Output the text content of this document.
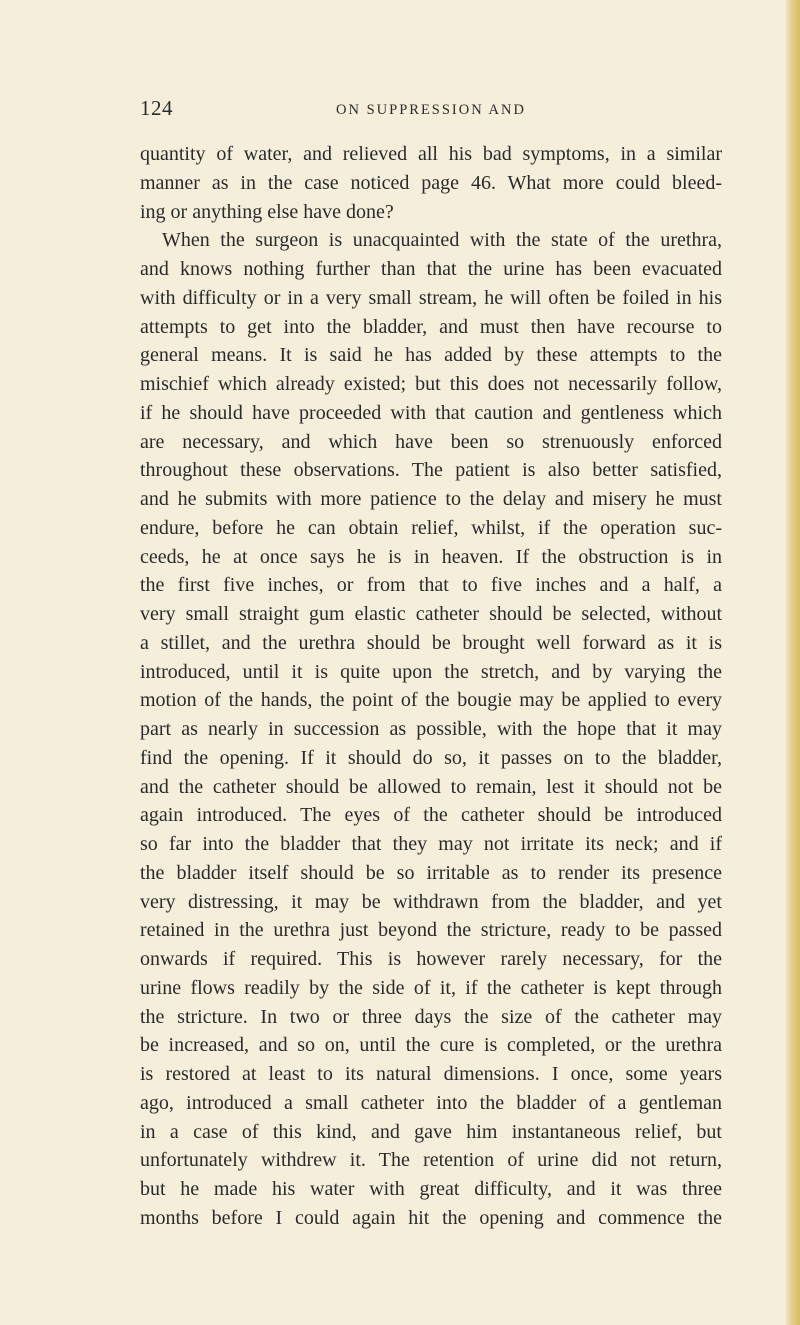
124	ON SUPPRESSION AND
quantity of water, and relieved all his bad symptoms, in a similar
manner as in the case noticed page 46. What more could bleed-
ing or anything else have done?
When the surgeon is unacquainted with the state of the urethra,
and knows nothing further than that the urine has been evacuated
with difficulty or in a very small stream, he will often be foiled in his
attempts to get into the bladder, and must then have recourse to
general means. It is said he has added by these attempts to the
mischief which already existed; but this does not necessarily follow,
if he should have proceeded with that caution and gentleness which
are necessary, and which have been so strenuously enforced
throughout these observations. The patient is also better satisfied,
and he submits with more patience to the delay and misery he must
endure, before he can obtain relief, whilst, if the operation suc-
ceeds, he at once says he is in heaven. If the obstruction is in
the first five inches, or from that to five inches and a half, a
very small straight gum elastic catheter should be selected, without
a stillet, and the urethra should be brought well forward as it is
introduced, until it is quite upon the stretch, and by varying the
motion of the hands, the point of the bougie may be applied to every
part as nearly in succession as possible, with the hope that it may
find the opening. If it should do so, it passes on to the bladder,
and the catheter should be allowed to remain, lest it should not be
again introduced. The eyes of the catheter should be introduced
so far into the bladder that they may not irritate its neck; and if
the bladder itself should be so irritable as to render its presence
very distressing, it may be withdrawn from the bladder, and yet
retained in the urethra just beyond the stricture, ready to be passed
onwards if required. This is however rarely necessary, for the
urine flows readily by the side of it, if the catheter is kept through
the stricture. In two or three days the size of the catheter may
be increased, and so on, until the cure is completed, or the urethra
is restored at least to its natural dimensions. I once, some years
ago, introduced a small catheter into the bladder of a gentleman
in a case of this kind, and gave him instantaneous relief, but
unfortunately withdrew it. The retention of urine did not return,
but he made his water with great difficulty, and it was three
months before I could again hit the opening and commence the
